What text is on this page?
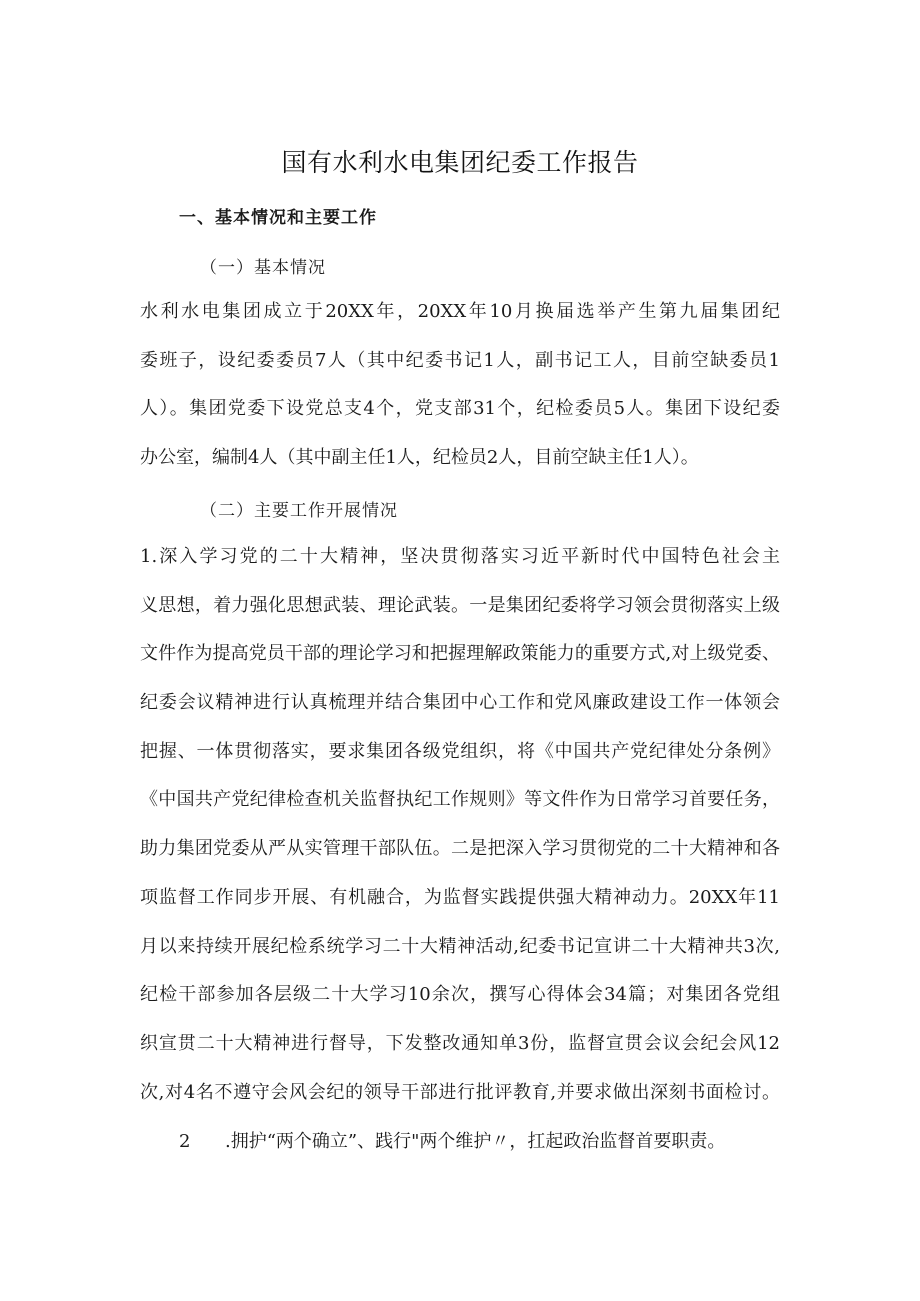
国有水利水电集团纪委工作报告
一、基本情况和主要工作
（一）基本情况
水利水电集团成立于20XX年，20XX年10月换届选举产生第九届集团纪
委班子，设纪委委员7人（其中纪委书记1人，副书记工人，目前空缺委员1
人）。集团党委下设党总支4个，党支部31个，纪检委员5人。集团下设纪委
办公室，编制4人（其中副主任1人，纪检员2人，目前空缺主任1人）。
（二）主要工作开展情况
1.深入学习党的二十大精神，坚决贯彻落实习近平新时代中国特色社会主
义思想，着力强化思想武装、理论武装。一是集团纪委将学习领会贯彻落实上级
文件作为提高党员干部的理论学习和把握理解政策能力的重要方式,对上级党委、
纪委会议精神进行认真梳理并结合集团中心工作和党风廉政建设工作一体领会
把握、一体贯彻落实，要求集团各级党组织，将《中国共产党纪律处分条例》
《中国共产党纪律检查机关监督执纪工作规则》等文件作为日常学习首要任务，
助力集团党委从严从实管理干部队伍。二是把深入学习贯彻党的二十大精神和各
项监督工作同步开展、有机融合，为监督实践提供强大精神动力。20XX年11
月以来持续开展纪检系统学习二十大精神活动,纪委书记宣讲二十大精神共3次,
纪检干部参加各层级二十大学习10余次，撰写心得体会34篇；对集团各党组
织宣贯二十大精神进行督导，下发整改通知单3份，监督宣贯会议会纪会风12
次,对4名不遵守会风会纪的领导干部进行批评教育,并要求做出深刻书面检讨。
2 .拥护“两个确立”、践行"两个维护〃，扛起政治监督首要职责。
